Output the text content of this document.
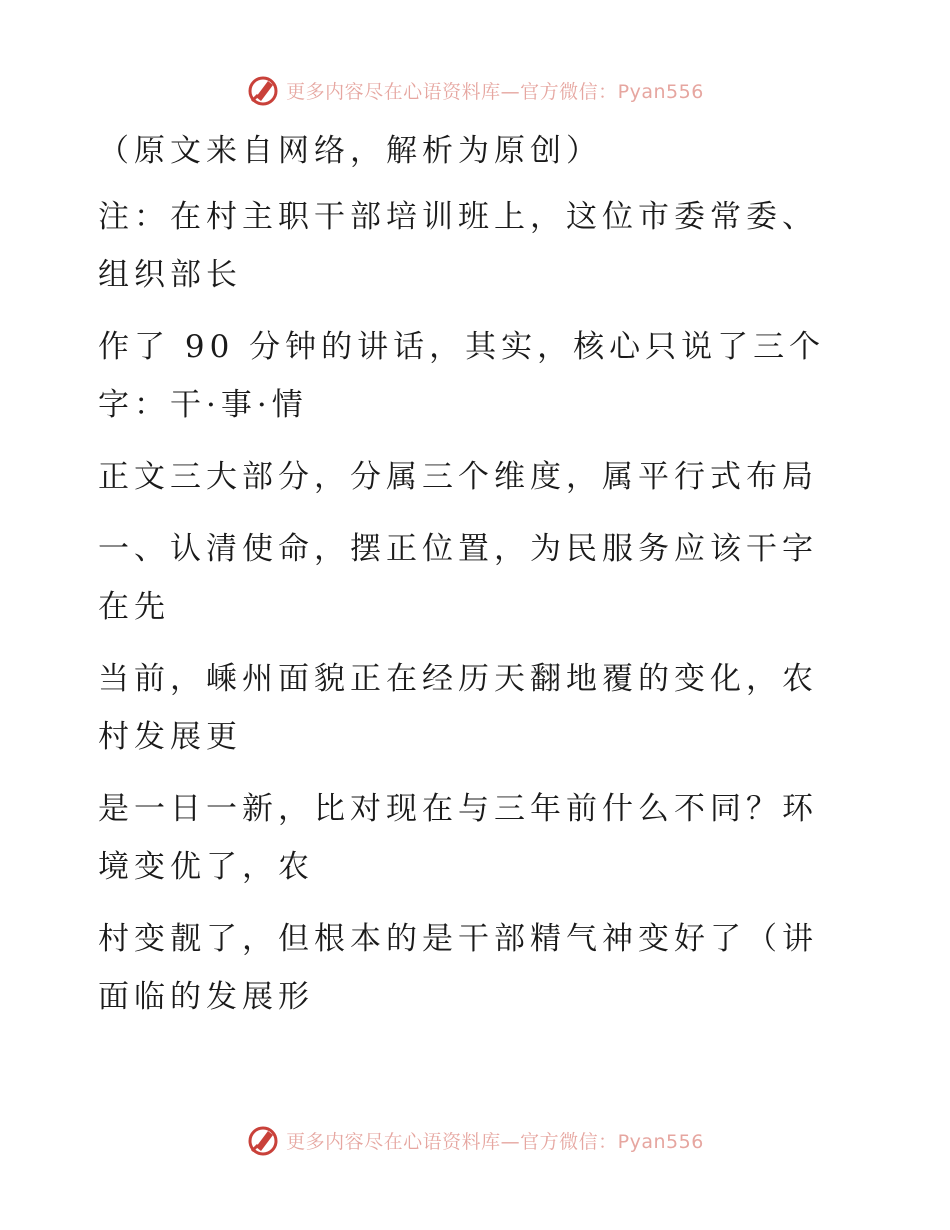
更多内容尽在心语资料库—官方微信：Pyan556

（原文来自网络，解析为原创）

注：在村主职干部培训班上，这位市委常委、组织部长

作了 90 分钟的讲话，其实，核心只说了三个字：干·事·情

正文三大部分，分属三个维度，属平行式布局

一、认清使命，摆正位置，为民服务应该干字在先

当前，嵊州面貌正在经历天翻地覆的变化，农村发展更

是一日一新，比对现在与三年前什么不同？环境变优了，农

村变靓了，但根本的是干部精气神变好了（讲面临的发展形

更多内容尽在心语资料库—官方微信：Pyan556
